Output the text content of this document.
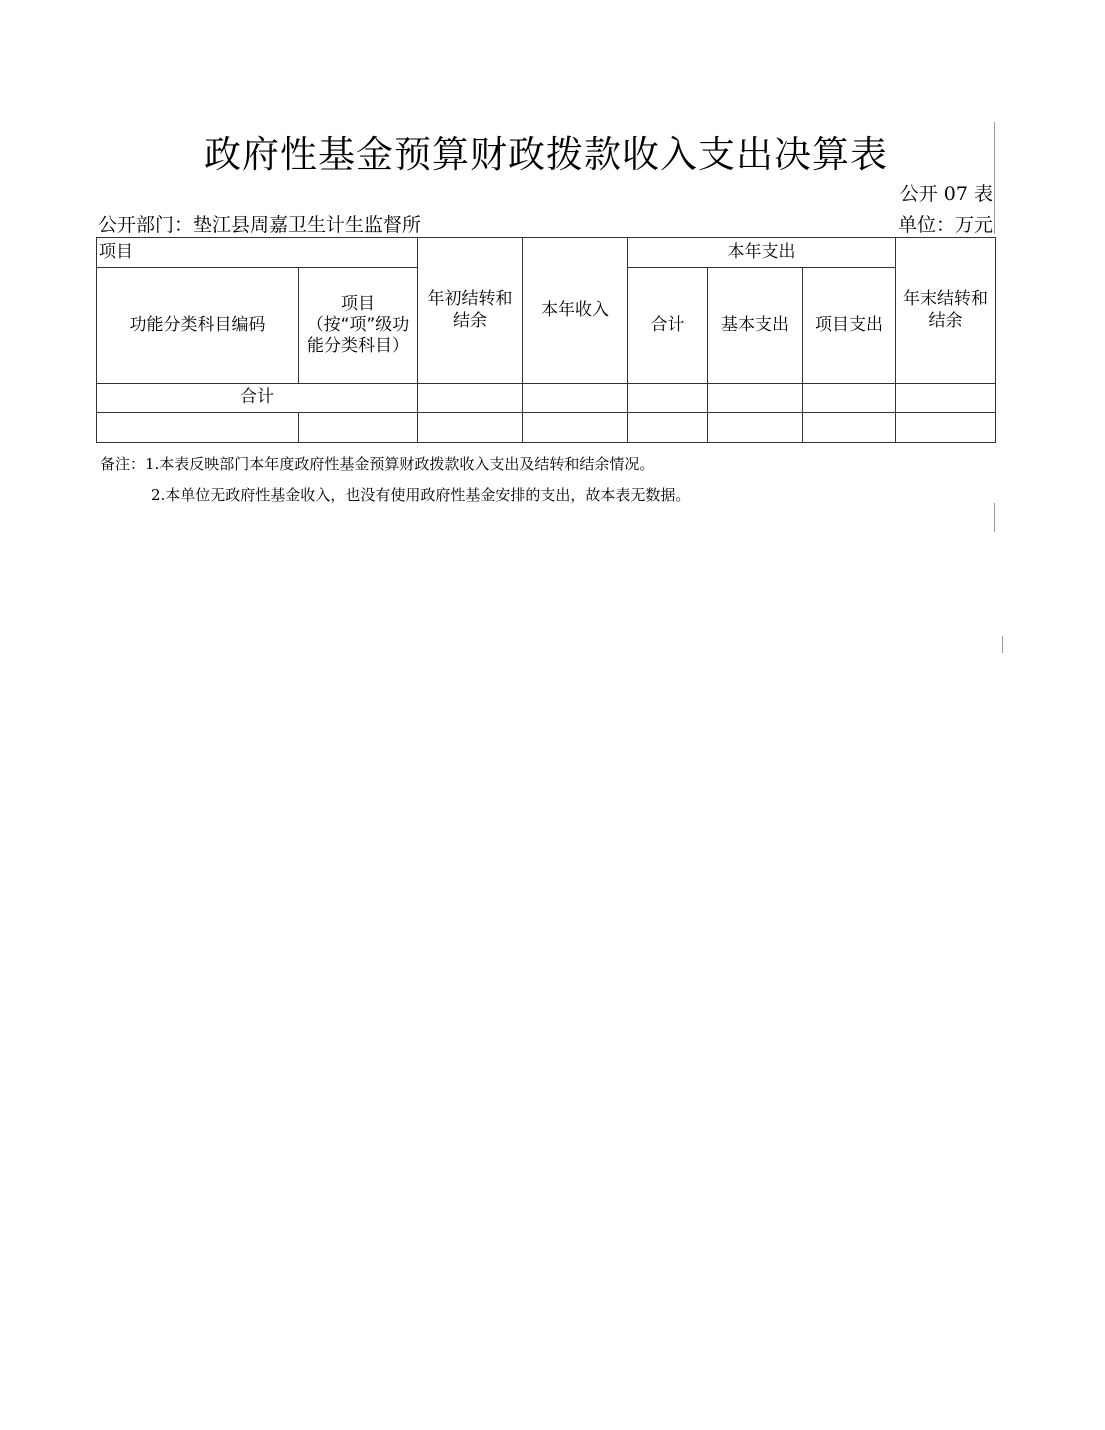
政府性基金预算财政拨款收入支出决算表
公开 07 表
公开部门：垫江县周嘉卫生计生监督所	单位：万元
项目		年初结转和结余	本年收入	本年支出			年末结转和结余
功能分类科目编码	项目（按“项”级功能分类科目）			合计	基本支出	项目支出	
合计							

备注：1.本表反映部门本年度政府性基金预算财政拨款收入支出及结转和结余情况。
2.本单位无政府性基金收入，也没有使用政府性基金安排的支出，故本表无数据。
